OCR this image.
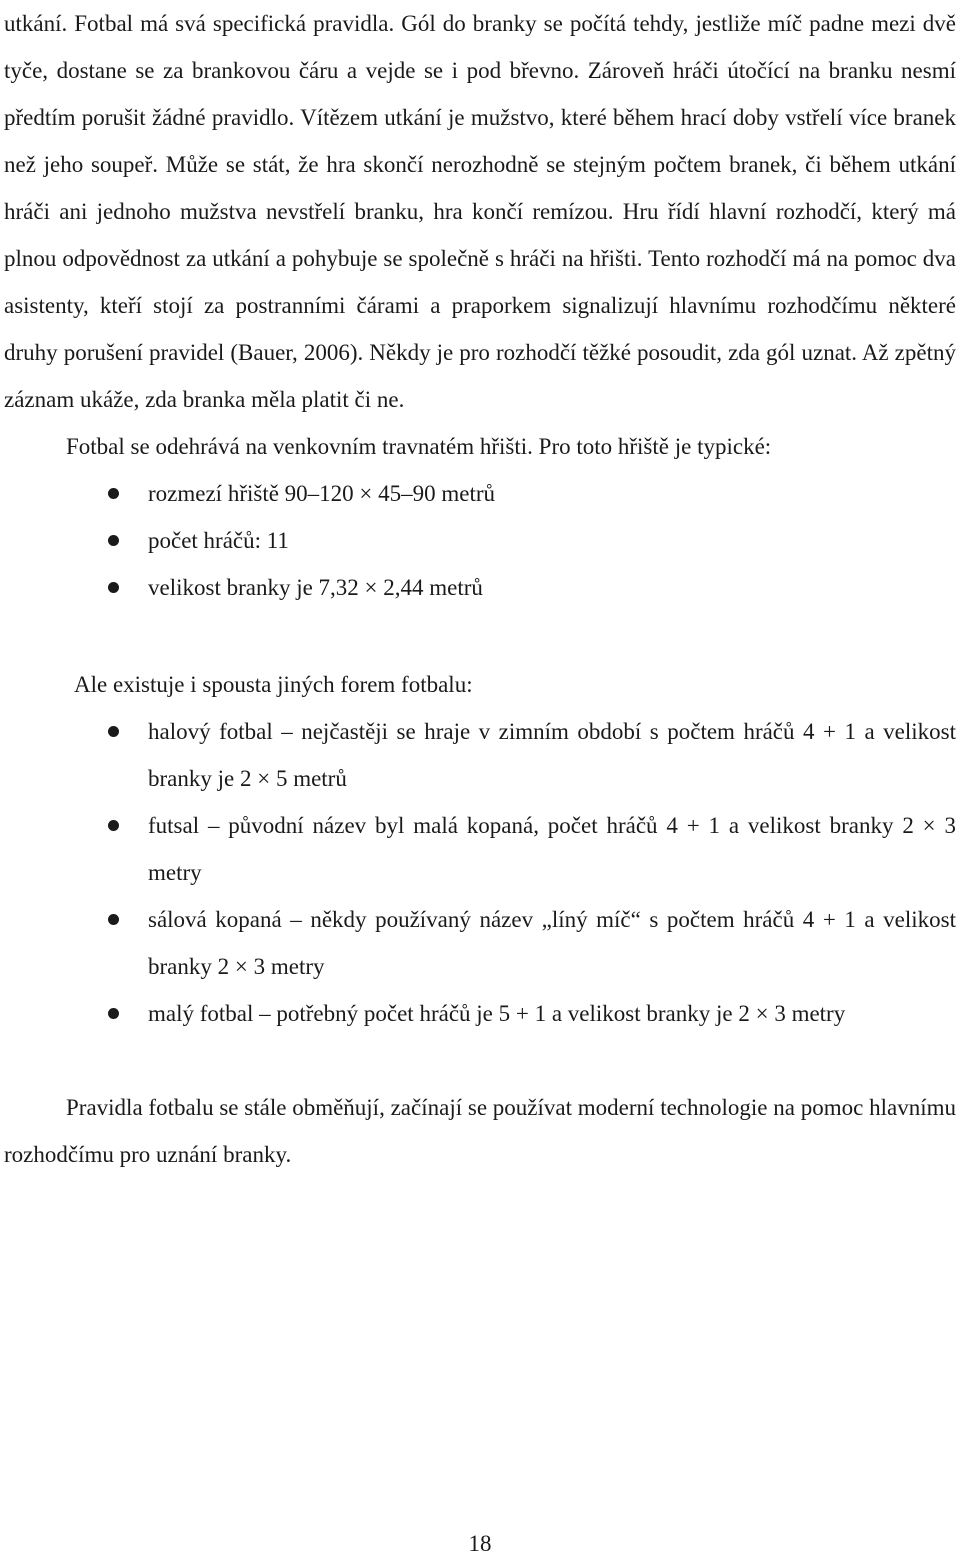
utkání. Fotbal má svá specifická pravidla. Gól do branky se počítá tehdy, jestliže míč padne mezi dvě tyče, dostane se za brankovou čáru a vejde se i pod břevno. Zároveň hráči útočící na branku nesmí předtím porušit žádné pravidlo. Vítězem utkání je mužstvo, které během hrací doby vstřelí více branek než jeho soupeř. Může se stát, že hra skončí nerozhodně se stejným počtem branek, či během utkání hráči ani jednoho mužstva nevstřelí branku, hra končí remízou. Hru řídí hlavní rozhodčí, který má plnou odpovědnost za utkání a pohybuje se společně s hráči na hřišti. Tento rozhodčí má na pomoc dva asistenty, kteří stojí za postranními čárami a praporkem signalizují hlavnímu rozhodčímu některé druhy porušení pravidel (Bauer, 2006). Někdy je pro rozhodčí těžké posoudit, zda gól uznat. Až zpětný záznam ukáže, zda branka měla platit či ne.

Fotbal se odehrává na venkovním travnatém hřišti. Pro toto hřiště je typické:

rozmezí hřiště 90–120 × 45–90 metrů
počet hráčů: 11
velikost branky je 7,32 × 2,44 metrů

Ale existuje i spousta jiných forem fotbalu:

halový fotbal – nejčastěji se hraje v zimním období s počtem hráčů 4 + 1 a velikost branky je 2 × 5 metrů
futsal – původní název byl malá kopaná, počet hráčů 4 + 1 a velikost branky 2 × 3 metry
sálová kopaná – někdy používaný název „líný míč“ s počtem hráčů 4 + 1 a velikost branky 2 × 3 metry
malý fotbal – potřebný počet hráčů je 5 + 1 a velikost branky je 2 × 3 metry

Pravidla fotbalu se stále obměňují, začínají se používat moderní technologie na pomoc hlavnímu rozhodčímu pro uznání branky.

18
